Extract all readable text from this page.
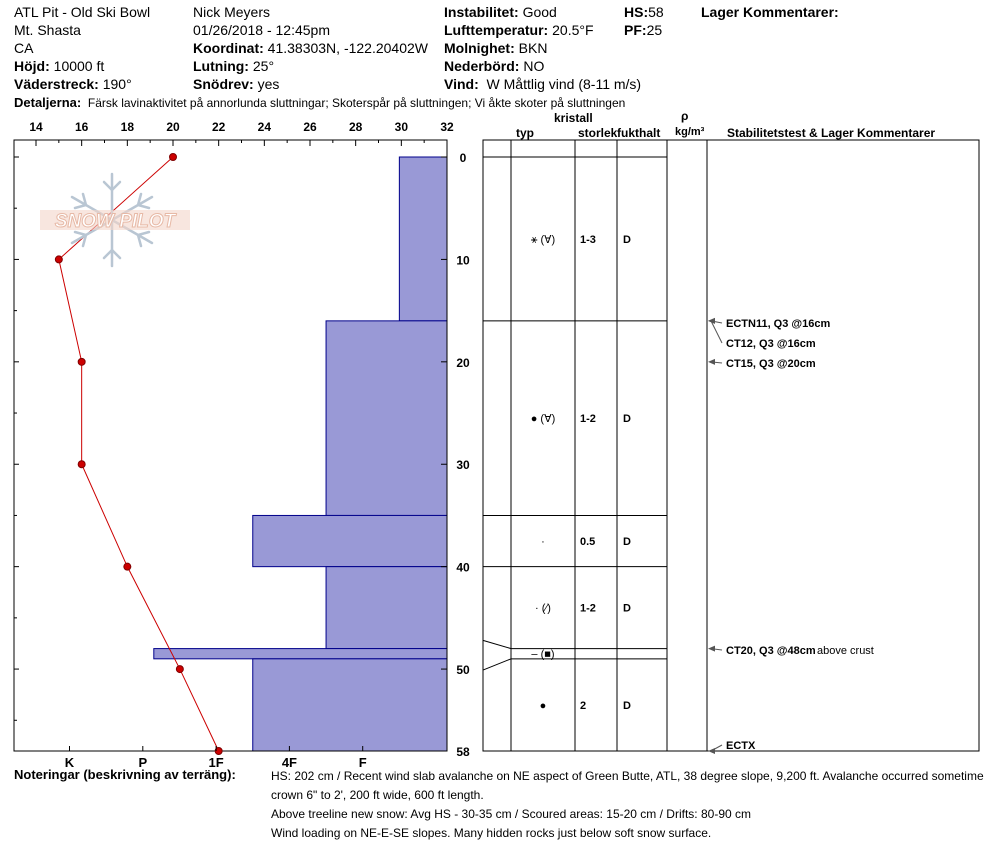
ATL Pit - Old Ski Bowl
Mt. Shasta
CA
Höjd: 10000 ft
Väderstreck: 190°
Nick Meyers
01/26/2018 - 12:45pm
Koordinat: 41.38303N, -122.20402W
Lutning: 25°
Snödrev: yes
Instabilitet: Good
Lufttemperatur: 20.5°F
Molnighet: BKN
Nederbörd: NO
Vind: W Måttlig vind (8-11 m/s)
HS:58
PF:25
Lager Kommentarer:
Detaljerna: Färsk lavinaktivitet på annorlunda sluttningar; Skoterspår på sluttningen; Vi åkte skoter på sluttningen
typ
kristall
storlek fukthalt
ρ
kg/m³ Stabilitetstest & Lager Kommentarer
14	16	18	20	22	24	26	28	30	32
0
10
20
30
40
50
58
K	P	1F	4F	F
⚹ (∀) 1-3 D
● (∀) 1-2 D
·	0.5	D
· (⁄)	1-2 D
– (■)
●	2	D
ECTN11, Q3 @16cm
CT12, Q3 @16cm
CT15, Q3 @20cm
CT20, Q3 @48cm above crust
ECTX
SNOW PILOT
Noteringar (beskrivning av terräng):	HS: 202 cm / Recent wind slab avalanche on NE aspect of Green Butte, ATL, 38 degree slope, 9,200 ft. Avalanche occurred sometime
crown 6" to 2', 200 ft wide, 600 ft length.
Above treeline new snow: Avg HS - 30-35 cm / Scoured areas: 15-20 cm / Drifts: 80-90 cm
Wind loading on NE-E-SE slopes. Many hidden rocks just below soft snow surface.
